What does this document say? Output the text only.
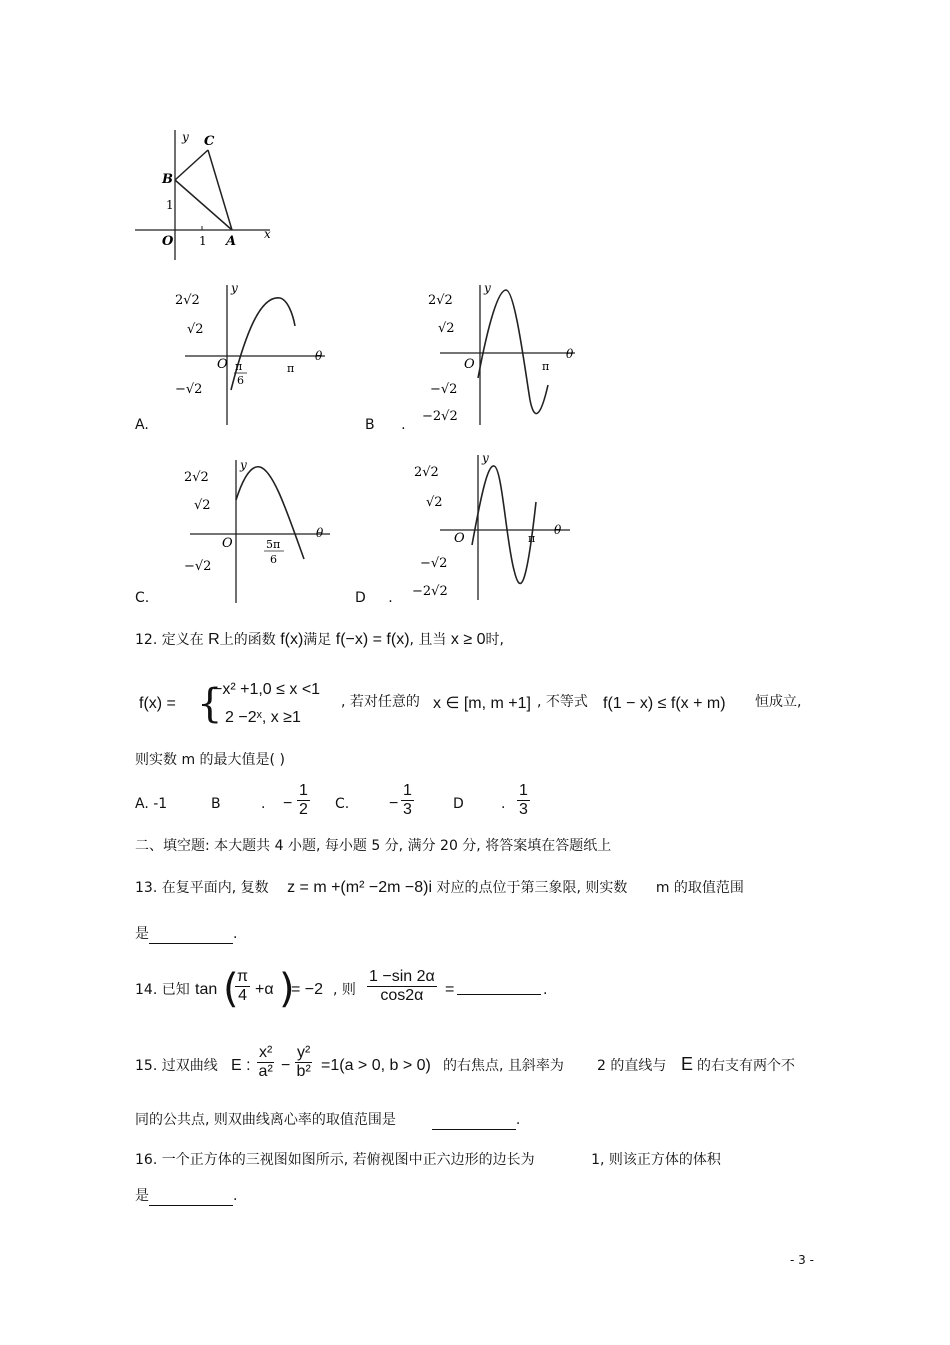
y C
B
1
O 1 A x
A.
2√2
√2
O
−√2
π
6
π
θ
y
B .
2√2
√2
O
−√2
−2√2
π
θ
y
C.
2√2
√2
O
−√2
5π
6
θ
y
D .
2√2
√2
O
−√2
−2√2
π
θ
y
12. 定义在 R上的函数 f(x)满足 f(−x) = f(x), 且当 x ≥ 0时,
f(x) = {
−x² +1,0 ≤ x <1
2 −2ˣ, x ≥1
, 若对任意的 x ∈ [m, m +1] , 不等式 f(1 − x) ≤ f(x + m) 恒成立,
则实数 m 的最大值是( )
A. -1	B	. − $\frac{1}{2} C$. − $\frac{1}{3}$	D	. $\frac{1}{3}$
二、填空题: 本大题共 4 小题, 每小题 5 分, 满分 20 分, 将答案填在答题纸上
13. 在复平面内, 复数 z = m +(m² −2m −8)i 对应的点位于第三象限, 则实数 m 的取值范围
是	.
14. 已知 tan (
$\frac{\pi}{4} +\alpha$ )
= −2 , 则 $\frac{1 -\sin 2\alpha}{\cos 2\alpha}$ =	.
15. 过双曲线 E : $\frac{\text{x²}}{\text{a²}} - \frac{\text{y²}}{\text{b²}} =1(a > 0$, b > 0) 的右焦点, 且斜率为 2 的直线与 E 的右支有两个不
同的公共点, 则双曲线离心率的取值范围是	.
16. 一个正方体的三视图如图所示, 若俯视图中正六边形的边长为	1, 则该正方体的体积
是	.
- 3 -
